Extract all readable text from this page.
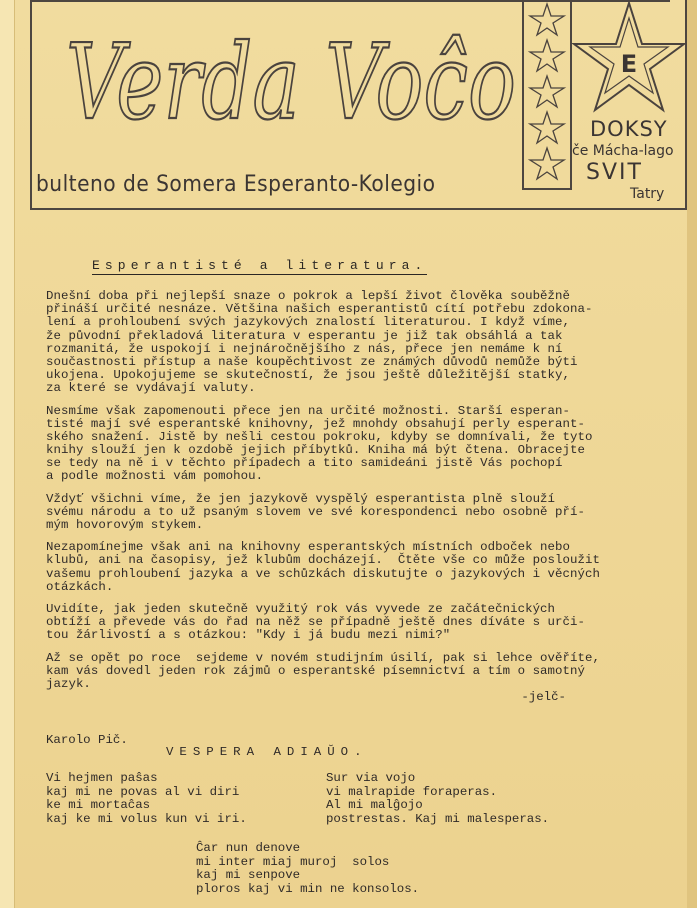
Verda Voĉo
bulteno de Somera Esperanto-Kolegio
E
DOKSY
če Mácha-lago
SVIT
Tatry
Esperantisté a literatura.
Dnešní doba při nejlepší snaze o pokrok a lepší život člověka souběžně
přináší určité nesnáze. Většina našich esperantistů cítí potřebu zdokona-
lení a prohloubení svých jazykových znalostí literaturou. I když víme,
že původní překladová literatura v esperantu je již tak obsáhlá a tak
rozmanitá, že uspokojí i nejnáročnějšího z nás, přece jen nemáme k ní
součastnosti přístup a naše koupěchtivost ze známých důvodů nemůže býti
ukojena. Upokojujeme se skutečností, že jsou ještě důležitější statky,
za které se vydávají valuty.
Nesmíme však zapomenouti přece jen na určité možnosti. Starší esperan-
tisté mají své esperantské knihovny, jež mnohdy obsahují perly esperant-
ského snažení. Jistě by nešli cestou pokroku, kdyby se domnívali, že tyto
knihy slouží jen k ozdobě jejich příbytků. Kniha má být čtena. Obracejte
se tedy na ně i v těchto případech a tito samideáni jistě Vás pochopí
a podle možnosti vám pomohou.
Vždyť všichni víme, že jen jazykově vyspělý esperantista plně slouží
svému národu a to už psaným slovem ve své korespondenci nebo osobně pří-
mým hovorovým stykem.
Nezapomínejme však ani na knihovny esperantských místních odboček nebo
klubů, ani na časopisy, jež klubům docházejí.  Čtěte vše co může posloužit
vašemu prohloubení jazyka a ve schůzkách diskutujte o jazykových i věcných
otázkách.
Uvidíte, jak jeden skutečně využitý rok vás vyvede ze začátečnických
obtíží a převede vás do řad na něž se případně ještě dnes díváte s urči-
tou žárlivostí a s otázkou: "Kdy i já budu mezi nimi?"
Až se opět po roce  sejdeme v novém studijním úsilí, pak si lehce ověříte,
kam vás dovedl jeden rok zájmů o esperantské písemnictví a tím o samotný
jazyk.
-jelč-
Karolo Pič.
VESPERA ADIAŬO.
Vi hejmen paŝas
kaj mi ne povas al vi diri
ke mi mortaĉas
kaj ke mi volus kun vi iri.
Sur via vojo
vi malrapide foraperas.
Al mi malĝojo
postrestas. Kaj mi malesperas.
Ĉar nun denove
mi inter miaj muroj  solos
kaj mi senpove
ploros kaj vi min ne konsolos.
